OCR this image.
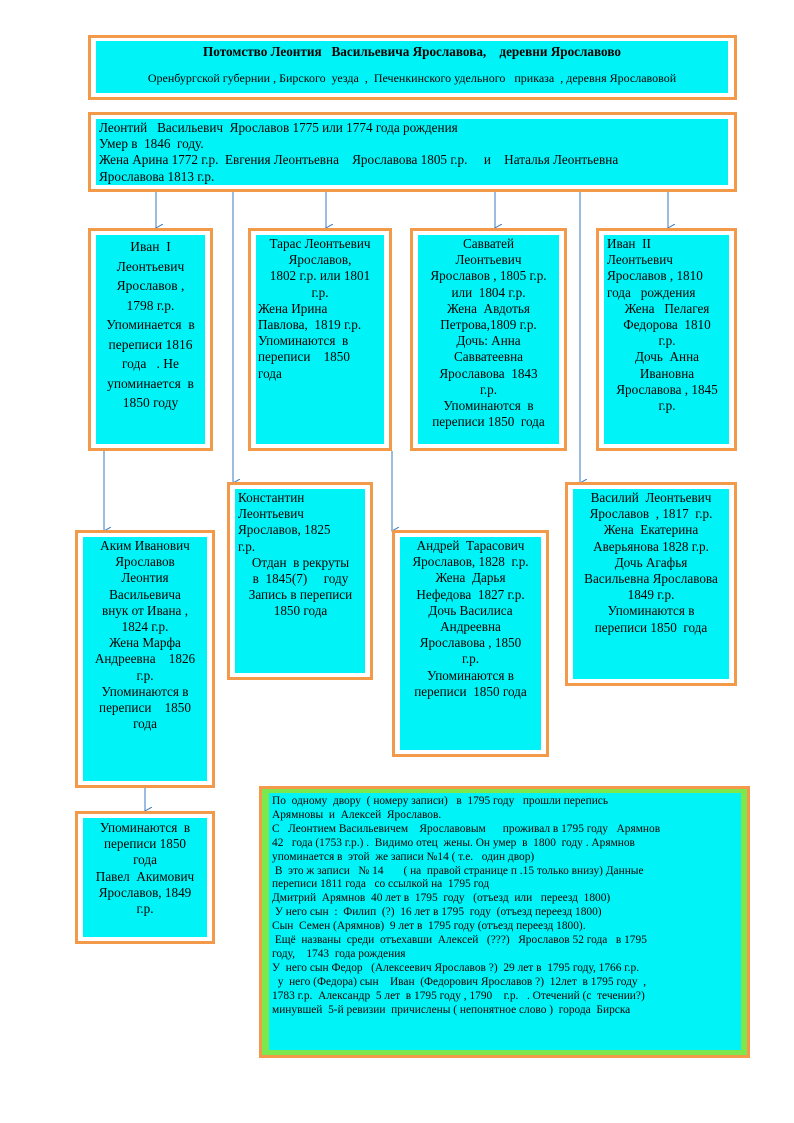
Потомство Леонтия   Васильевича Ярославова,    деревни Ярославово
Оренбургской губернии , Бирского  уезда  ,  Печенкинского удельного   приказа  , деревня Ярославовой
Леонтий   Васильевич  Ярославов 1775 или 1774 года рождения
Умер в  1846  году.
Жена Арина 1772 г.р.  Евгения Леонтьевна    Ярославова 1805 г.р.     и    Наталья Леонтьевна
Ярославова 1813 г.р.
Иван  I
Леонтьевич
Ярославов ,
1798 г.р.
Упоминается  в
переписи 1816
года   . Не
упоминается  в
1850 году
Тарас Леонтьевич
Ярославов,
1802 г.р. или 1801
г.р.
Жена Ирина
Павлова,  1819 г.р.
Упоминаются  в
переписи    1850
года
Савватей
Леонтьевич
Ярославов , 1805 г.р.
или  1804 г.р.
Жена  Авдотья
Петрова,1809 г.р.
Дочь: Анна
Савватеевна
Ярославова  1843
г.р.
Упоминаются  в
переписи 1850  года
Иван  II
Леонтьевич
Ярославов , 1810
года   рождения
Жена   Пелагея
Федорова  1810
г.р.
Дочь  Анна
Ивановна
Ярославова , 1845
г.р.
Константин
Леонтьевич
Ярославов, 1825
г.р.
Отдан  в рекруты
в  1845(7)     году
Запись в переписи
1850 года
Василий  Леонтьевич
Ярославов  , 1817  г.р.
Жена  Екатерина
Аверьянова 1828 г.р.
Дочь Агафья
Васильевна Ярославова
1849 г.р.
Упоминаются в
переписи 1850  года
Аким Иванович
Ярославов
Леонтия
Васильевича
внук от Ивана ,
1824 г.р.
Жена Марфа
Андреевна    1826
г.р.
Упоминаются в
переписи    1850
года
Андрей  Тарасович
Ярославов, 1828  г.р.
Жена  Дарья
Нефедова  1827 г.р.
Дочь Василиса
Андреевна
Ярославова , 1850
г.р.
Упоминаются в
переписи  1850 года
Упоминаются  в
переписи 1850
года
Павел  Акимович
Ярославов, 1849
г.р.
По  одному  двору  ( номеру записи)   в  1795 году   прошли перепись
Арямновы  и  Алексей  Ярославов.
С   Леонтием Васильевичем    Ярославовым      проживал в 1795 году   Арямнов
42   года (1753 г.р.) .  Видимо отец  жены. Он умер  в  1800  году . Арямнов
упоминается в  этой  же записи №14 ( т.е.   один двор)
В  это ж записи   № 14       ( на  правой странице п .15 только внизу) Данные
переписи 1811 года   со ссылкой на  1795 год
Дмитрий  Арямнов  40 лет в  1795  году   (отъезд  или   переезд  1800)
У него сын  :  Филип  (?)  16 лет в 1795  году  (отъезд переезд 1800)
Сын  Семен (Арямнов)  9 лет в  1795 году (отъезд переезд 1800).
Ещё  названы  среди  отъехавши  Алексей   (???)   Ярославов 52 года   в 1795
году,    1743  года рождения
У  него сын Федор   (Алексеевич Ярославов ?)  29 лет в  1795 году, 1766 г.р.
у  него (Федора) сын    Иван  (Федорович Ярославов ?)  12лет  в 1795 году  ,
1783 г.р.  Александр  5 лет  в 1795 году , 1790    г.р.   . Отечений (с  течении?)
минувшей  5-й ревизии  причислены ( непонятное слово )  города  Бирска
